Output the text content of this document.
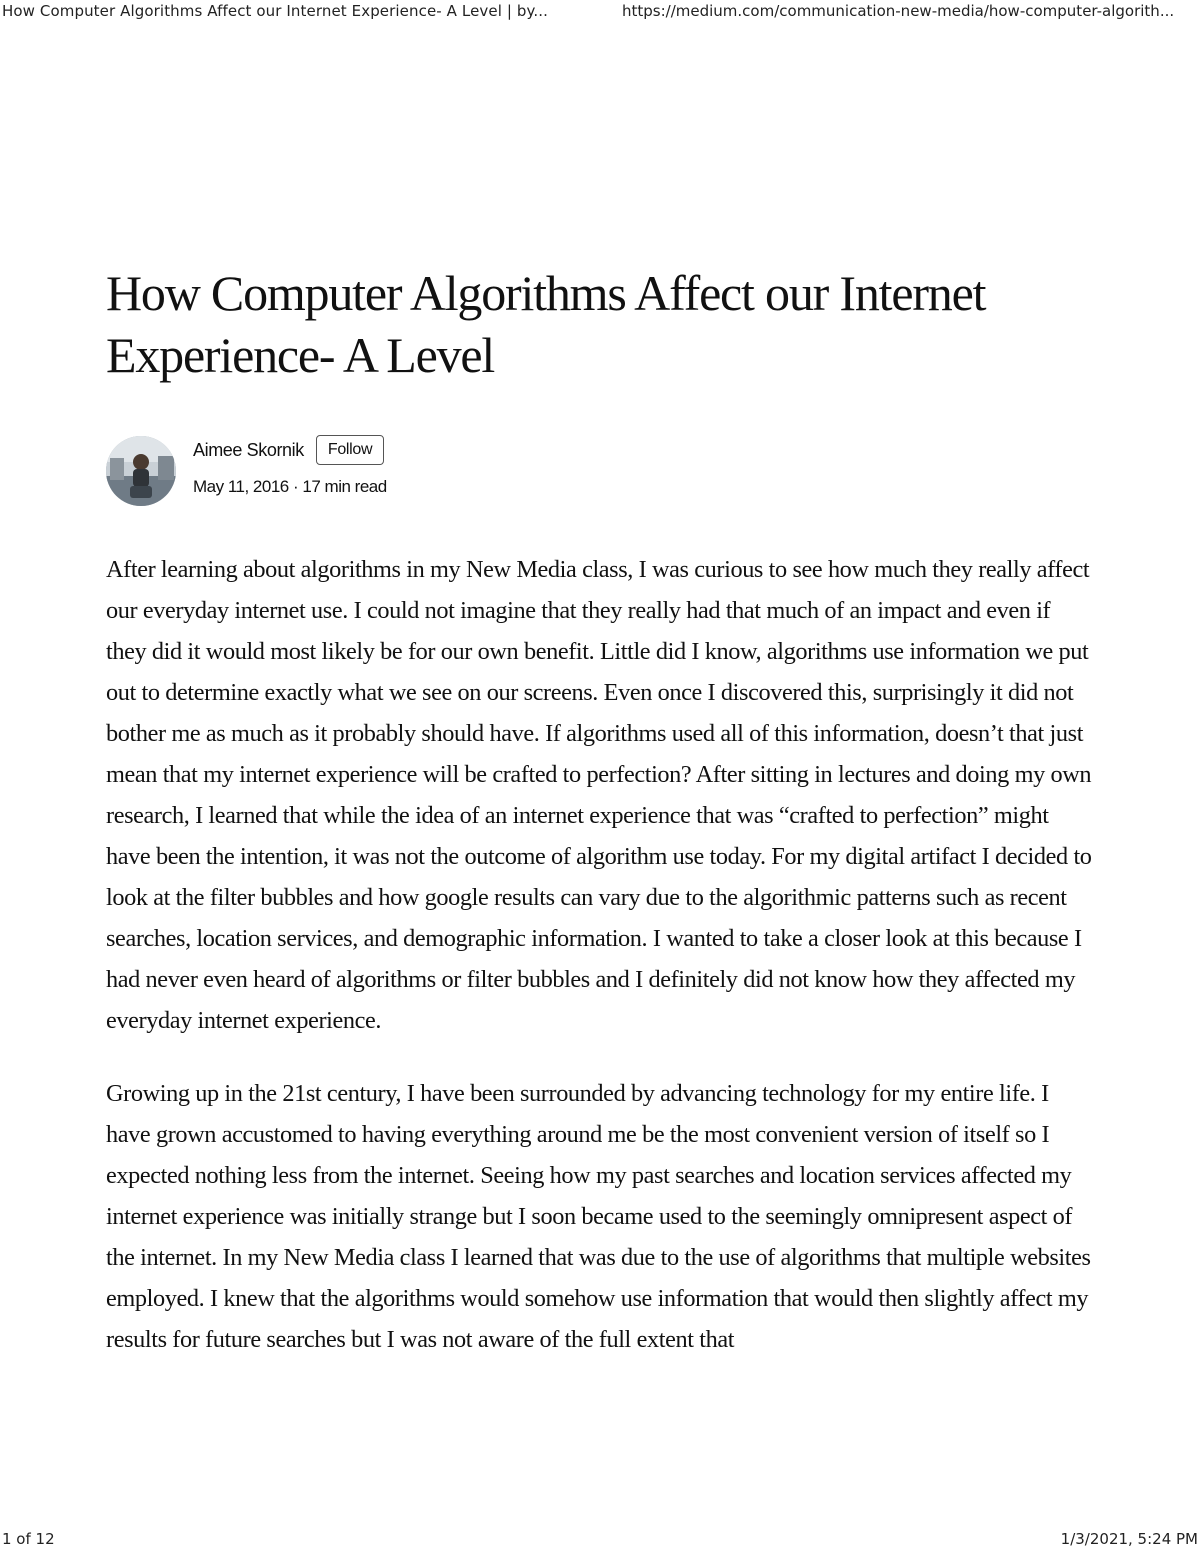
How Computer Algorithms Affect our Internet Experience- A Level | by...	https://medium.com/communication-new-media/how-computer-algorith...
How Computer Algorithms Affect our Internet Experience- A Level
Aimee Skornik	Follow
May 11, 2016 · 17 min read

After learning about algorithms in my New Media class, I was curious to see how much they really affect our everyday internet use. I could not imagine that they really had that much of an impact and even if they did it would most likely be for our own benefit. Little did I know, algorithms use information we put out to determine exactly what we see on our screens. Even once I discovered this, surprisingly it did not bother me as much as it probably should have. If algorithms used all of this information, doesn’t that just mean that my internet experience will be crafted to perfection? After sitting in lectures and doing my own research, I learned that while the idea of an internet experience that was “crafted to perfection” might have been the intention, it was not the outcome of algorithm use today. For my digital artifact I decided to look at the filter bubbles and how google results can vary due to the algorithmic patterns such as recent searches, location services, and demographic information. I wanted to take a closer look at this because I had never even heard of algorithms or filter bubbles and I definitely did not know how they affected my everyday internet experience.

Growing up in the 21st century, I have been surrounded by advancing technology for my entire life. I have grown accustomed to having everything around me be the most convenient version of itself so I expected nothing less from the internet. Seeing how my past searches and location services affected my internet experience was initially strange but I soon became used to the seemingly omnipresent aspect of the internet. In my New Media class I learned that was due to the use of algorithms that multiple websites employed. I knew that the algorithms would somehow use information that would then slightly affect my results for future searches but I was not aware of the full extent that

1 of 12	1/3/2021, 5:24 PM
